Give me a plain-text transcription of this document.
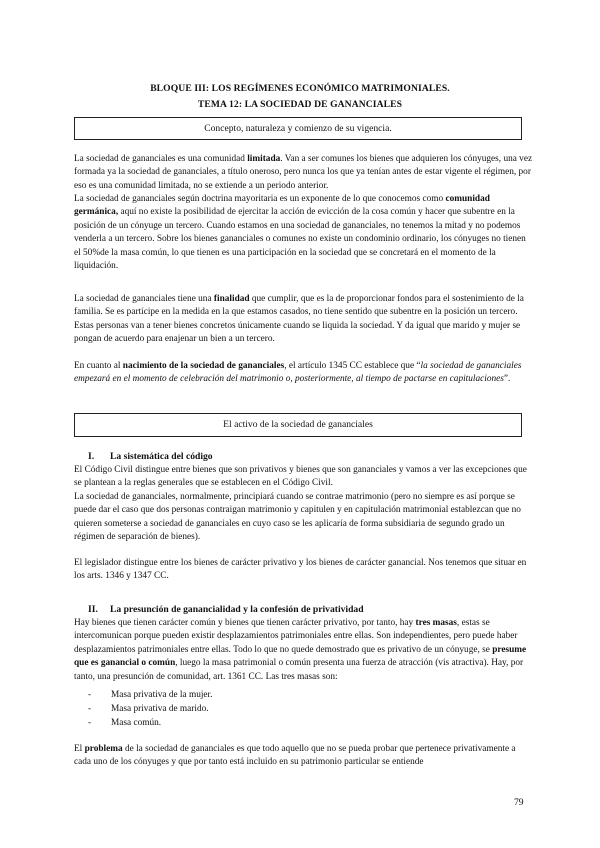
BLOQUE III: LOS REGÍMENES ECONÓMICO MATRIMONIALES.
TEMA 12: LA SOCIEDAD DE GANANCIALES
Concepto, naturaleza y comienzo de su vigencia.

La sociedad de gananciales es una comunidad limitada. Van a ser comunes los bienes que adquieren los cónyuges, una vez formada ya la sociedad de gananciales, a título oneroso, pero nunca los que ya tenían antes de estar vigente el régimen, por eso es una comunidad limitada, no se extiende a un periodo anterior.

La sociedad de gananciales según doctrina mayoritaria es un exponente de lo que conocemos como comunidad germánica, aquí no existe la posibilidad de ejercitar la acción de evicción de la cosa común y hacer que subentre en la posición de un cónyuge un tercero. Cuando estamos en una sociedad de gananciales, no tenemos la mitad y no podemos venderla a un tercero. Sobre los bienes gananciales o comunes no existe un condominio ordinario, los cónyuges no tienen el 50%de la masa común, lo que tienen es una participación en la sociedad que se concretará en el momento de la liquidación.

La sociedad de gananciales tiene una finalidad que cumplir, que es la de proporcionar fondos para el sostenimiento de la familia. Se es partícipe en la medida en la que estamos casados, no tiene sentido que subentre en la posición un tercero. Estas personas van a tener bienes concretos únicamente cuando se liquida la sociedad. Y da igual que marido y mujer se pongan de acuerdo para enajenar un bien a un tercero.

En cuanto al nacimiento de la sociedad de gananciales, el artículo 1345 CC establece que “la sociedad de gananciales empezará en el momento de celebración del matrimonio o, posteriormente, al tiempo de pactarse en capitulaciones”.

El activo de la sociedad de gananciales
I. La sistemática del código

El Código Civil distingue entre bienes que son privativos y bienes que son gananciales y vamos a ver las excepciones que se plantean a la reglas generales que se establecen en el Código Civil.

La sociedad de gananciales, normalmente, principiará cuando se contrae matrimonio (pero no siempre es así porque se puede dar el caso que dos personas contraigan matrimonio y capitulen y en capitulación matrimonial establezcan que no quieren someterse a sociedad de gananciales en cuyo caso se les aplicaría de forma subsidiaria de segundo grado un régimen de separación de bienes).

El legislador distingue entre los bienes de carácter privativo y los bienes de carácter ganancial. Nos tenemos que situar en los arts. 1346 y 1347 CC.

II. La presunción de ganancialidad y la confesión de privatividad

Hay bienes que tienen carácter común y bienes que tienen carácter privativo, por tanto, hay tres masas, estas se intercomunican porque pueden existir desplazamientos patrimoniales entre ellas. Son independientes, pero puede haber desplazamientos patrimoniales entre ellas. Todo lo que no quede demostrado que es privativo de un cónyuge, se presume que es ganancial o común, luego la masa patrimonial o común presenta una fuerza de atracción (vis atractiva). Hay, por tanto, una presunción de comunidad, art. 1361 CC. Las tres masas son:

- Masa privativa de la mujer.
- Masa privativa de marido.
- Masa común.

El problema de la sociedad de gananciales es que todo aquello que no se pueda probar que pertenece privativamente a cada uno de los cónyuges y que por tanto está incluido en su patrimonio particular se entiende

79
